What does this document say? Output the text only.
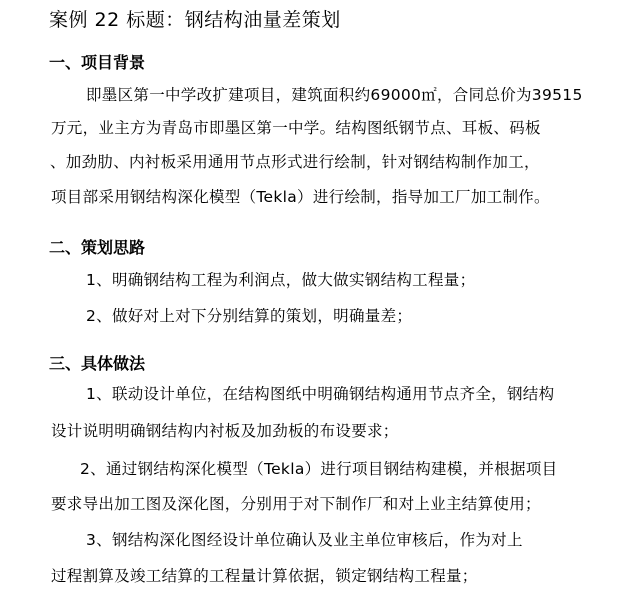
案例 22 标题：钢结构油量差策划
一、项目背景
即墨区第一中学改扩建项目，建筑面积约69000㎡，合同总价为39515
万元，业主方为青岛市即墨区第一中学。结构图纸钢节点、耳板、码板
、加劲肋、内衬板采用通用节点形式进行绘制，针对钢结构制作加工，
项目部采用钢结构深化模型（Tekla）进行绘制，指导加工厂加工制作。
二、策划思路
1、明确钢结构工程为利润点，做大做实钢结构工程量；
2、做好对上对下分别结算的策划，明确量差；
三、具体做法
1、联动设计单位，在结构图纸中明确钢结构通用节点齐全，钢结构
设计说明明确钢结构内衬板及加劲板的布设要求；
2、通过钢结构深化模型（Tekla）进行项目钢结构建模，并根据项目
要求导出加工图及深化图，分别用于对下制作厂和对上业主结算使用；
3、钢结构深化图经设计单位确认及业主单位审核后，作为对上
过程割算及竣工结算的工程量计算依据，锁定钢结构工程量；
